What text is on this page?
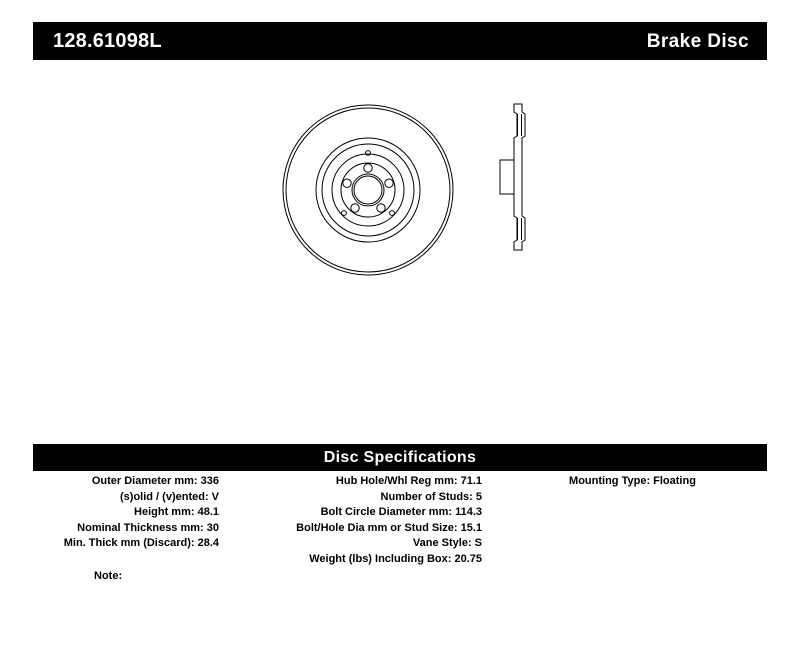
128.61098L	Brake Disc
Disc Specifications
Outer Diameter mm: 336
(s)olid / (v)ented: V
Height mm: 48.1
Nominal Thickness mm: 30
Min. Thick mm (Discard): 28.4
Hub Hole/Whl Reg mm: 71.1
Number of Studs: 5
Bolt Circle Diameter mm: 114.3
Bolt/Hole Dia mm or Stud Size: 15.1
Vane Style: S
Weight (lbs) Including Box: 20.75
Mounting Type: Floating
Note:
